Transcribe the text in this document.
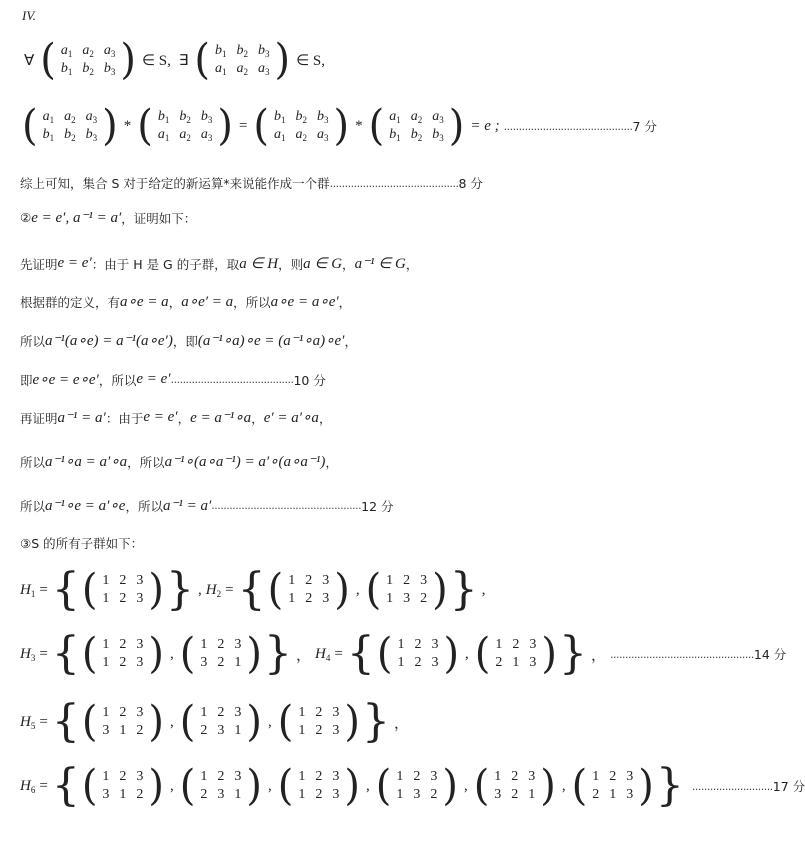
IV.
∀ ( $a_1$	$a_2$	$a_3$
$b_1$	$b_2$	$b_3$ ) ∈ S, ∃ ( $b_1$	$b_2$	$b_3$
$a_1$	$a_2$	$a_3$ ) ∈ S,
( $a_1$	$a_2$	$a_3$
$b_1$	$b_2$	$b_3$ ) * ( $b_1$	$b_2$	$b_3$
$a_1$	$a_2$	$a_3$ ) = ( $b_1$	$b_2$	$b_3$
$a_1$	$a_2$	$a_3$ ) * ( $a_1$	$a_2$	$a_3$
$b_1$	$b_2$	$b_3$ ) = e ; ........................................... 7 分
综上可知，集合 S 对于给定的新运算*来说能作成一个群 ........................................... 8 分
② e = e′, a⁻¹ = a′ ，证明如下：
先证明 e = e′ ：由于 H 是 G 的子群，取 a ∈ H ，则 a ∈ G ， a⁻¹ ∈ G ，
根据群的定义，有 a∘e = a ， a∘e′ = a ，所以 a∘e = a∘e′ ，
所以 a⁻¹(a∘e) = a⁻¹(a∘e′) ，即 (a⁻¹∘a)∘e = (a⁻¹∘a)∘e′ ，
即 e∘e = e∘e′ ，所以 e = e′ ......................................... 10 分
再证明 a⁻¹ = a′ ：由于 e = e′ ， e = a⁻¹∘a ， e′ = a′∘a ，
所以 a⁻¹∘a = a′∘a ，所以 a⁻¹∘(a∘a⁻¹) = a′∘(a∘a⁻¹) ，
所以 a⁻¹∘e = a′∘e ，所以 a⁻¹ = a′ .................................................. 12 分
③ S 的所有子群如下：
$H_1$ = { ( 1	2	3
1	2	3 ) } , $H_2$ = { ( 1	2	3
1	2	3 ) , ( 1	2	3
1	3	2 ) } ,
$H_3$ = { ( 1	2	3
1	2	3 ) , ( 1	2	3
3	2	1 ) } ， $H_4$ = { ( 1	2	3
1	2	3 ) , ( 1	2	3
2	1	3 ) } ， ................................................ 14 分
$H_5$ = { ( 1	2	3
3	1	2 ) , ( 1	2	3
2	3	1 ) , ( 1	2	3
1	2	3 ) } ，
$H_6$ = { ( 1	2	3
3	1	2 ) , ( 1	2	3
2	3	1 ) , ( 1	2	3
1	2	3 ) , ( 1	2	3
1	3	2 ) , ( 1	2	3
3	2	1 ) , ( 1	2	3
2	1	3 ) } ........................... 17 分
